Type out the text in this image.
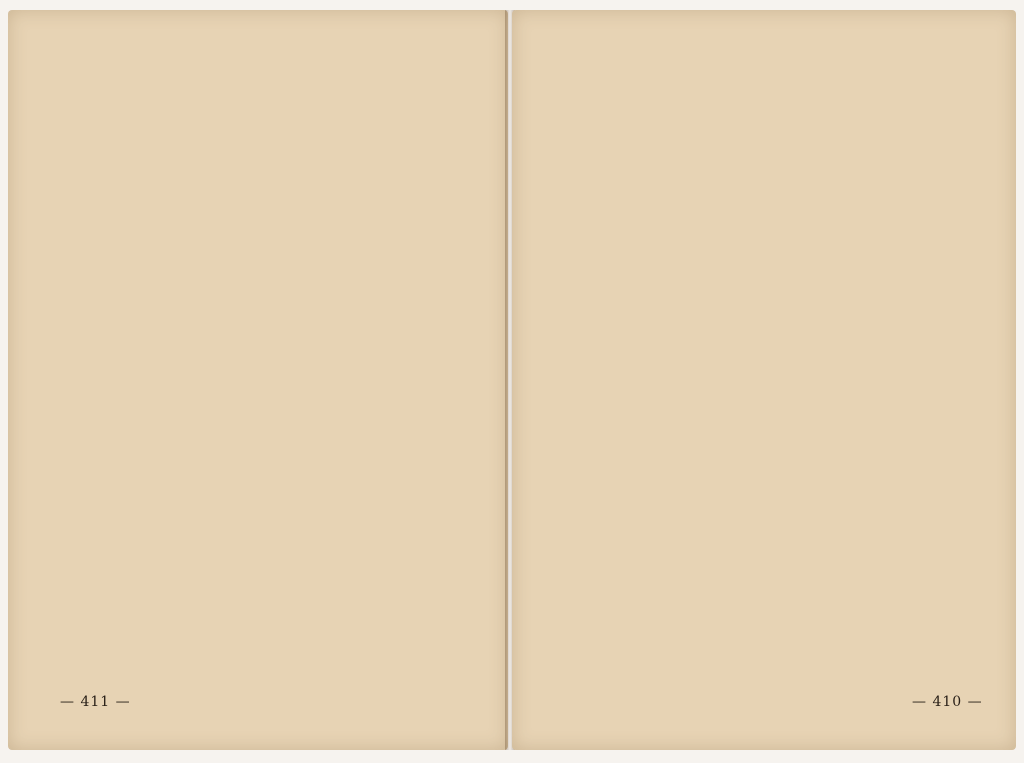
— 411 —	— 410 —
